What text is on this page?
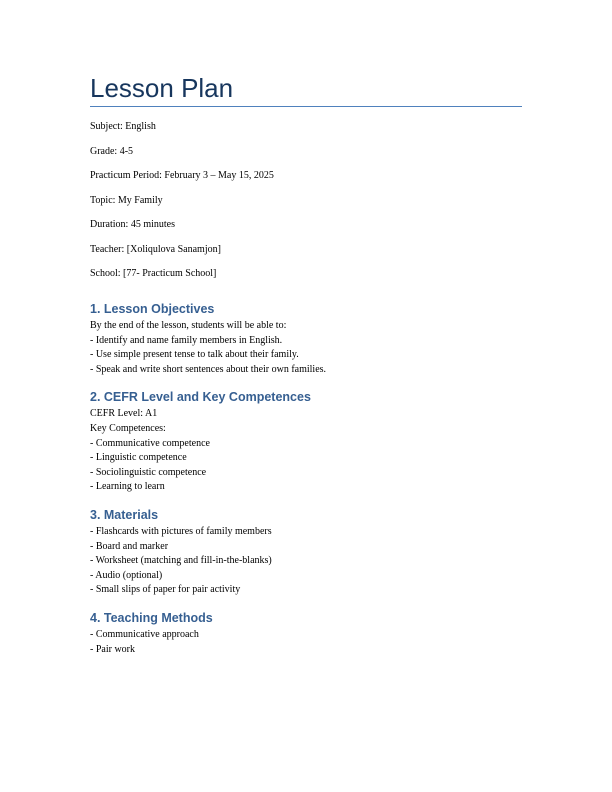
Lesson Plan

Subject: English

Grade: 4-5

Practicum Period: February 3 – May 15, 2025

Topic: My Family

Duration: 45 minutes

Teacher: [Xoliqulova Sanamjon]

School: [77- Practicum School]

1. Lesson Objectives

By the end of the lesson, students will be able to:

- Identify and name family members in English.

- Use simple present tense to talk about their family.

- Speak and write short sentences about their own families.

2. CEFR Level and Key Competences

CEFR Level: A1

Key Competences:

- Communicative competence

- Linguistic competence

- Sociolinguistic competence

- Learning to learn

3. Materials

- Flashcards with pictures of family members

- Board and marker

- Worksheet (matching and fill-in-the-blanks)

- Audio (optional)

- Small slips of paper for pair activity

4. Teaching Methods

- Communicative approach

- Pair work
